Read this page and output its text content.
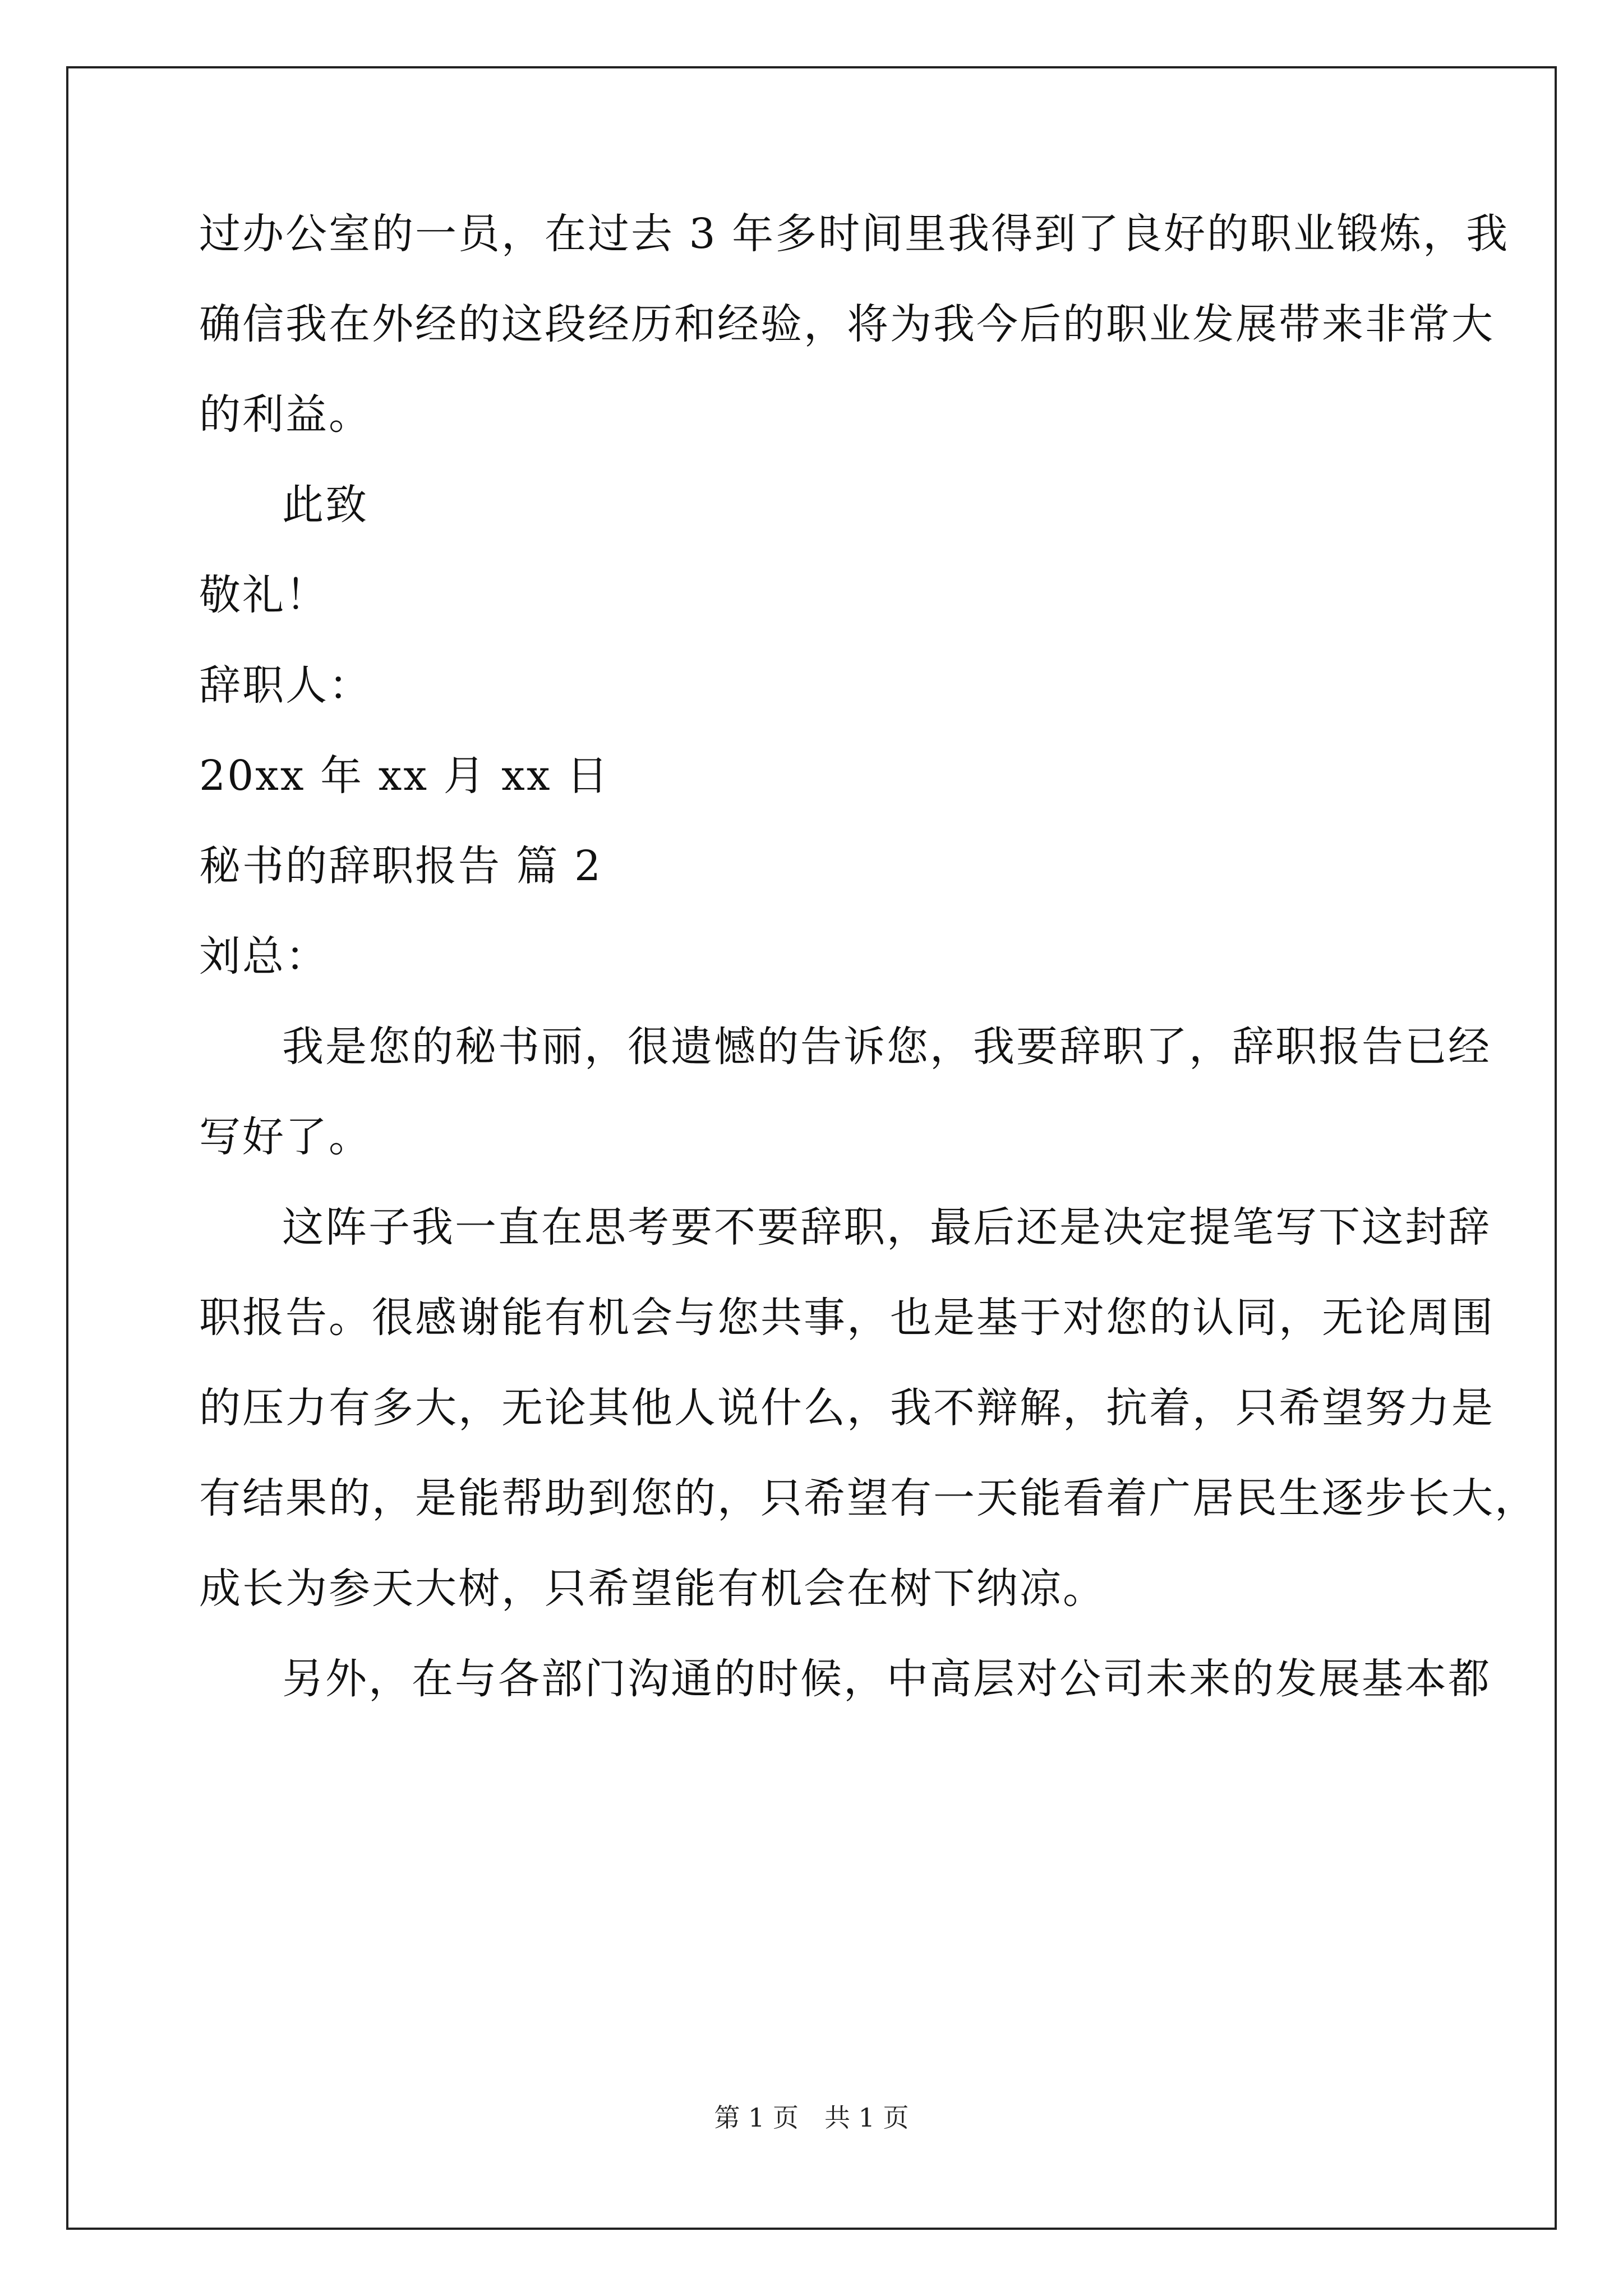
过办公室的一员，在过去 3 年多时间里我得到了良好的职业锻炼，我
确信我在外经的这段经历和经验，将为我今后的职业发展带来非常大
的利益。
此致
敬礼！
辞职人：
20xx 年 xx 月 xx 日
秘书的辞职报告 篇 2
刘总：
我是您的秘书丽，很遗憾的告诉您，我要辞职了，辞职报告已经
写好了。
这阵子我一直在思考要不要辞职，最后还是决定提笔写下这封辞
职报告。很感谢能有机会与您共事，也是基于对您的认同，无论周围
的压力有多大，无论其他人说什么，我不辩解，抗着，只希望努力是
有结果的，是能帮助到您的，只希望有一天能看着广居民生逐步长大，
成长为参天大树，只希望能有机会在树下纳凉。
另外，在与各部门沟通的时候，中高层对公司未来的发展基本都
第 1 页　共 1 页
